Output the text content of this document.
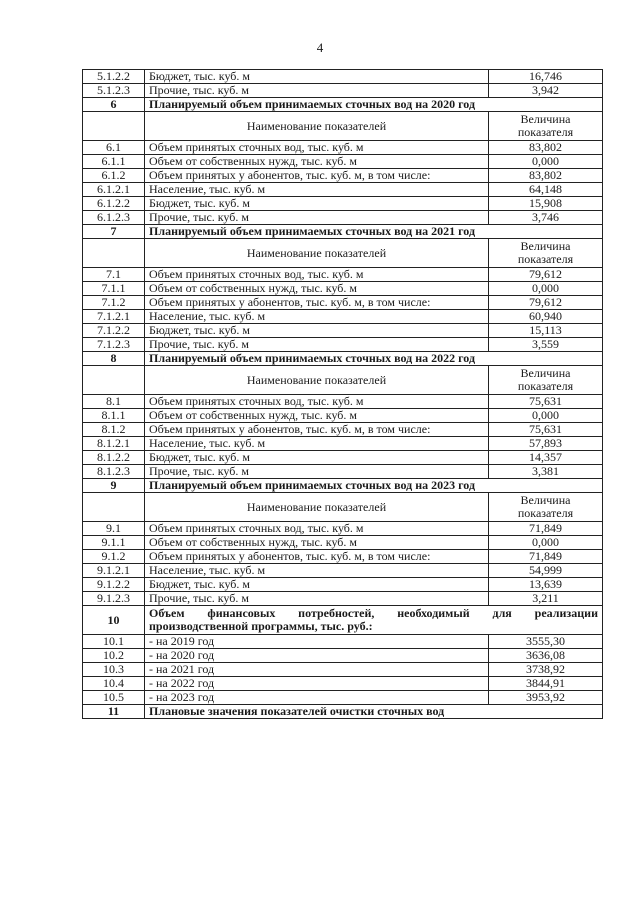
4
5.1.2.2	Бюджет, тыс. куб. м	16,746
5.1.2.3	Прочие, тыс. куб. м	3,942
6	Планируемый объем принимаемых сточных вод на 2020 год	
	Наименование показателей	Величина показателя
6.1	Объем принятых сточных вод, тыс. куб. м	83,802
6.1.1	Объем от собственных нужд, тыс. куб. м	0,000
6.1.2	Объем принятых у абонентов, тыс. куб. м, в том числе:	83,802
6.1.2.1	Население, тыс. куб. м	64,148
6.1.2.2	Бюджет, тыс. куб. м	15,908
6.1.2.3	Прочие, тыс. куб. м	3,746
7	Планируемый объем принимаемых сточных вод на 2021 год	
	Наименование показателей	Величина показателя
7.1	Объем принятых сточных вод, тыс. куб. м	79,612
7.1.1	Объем от собственных нужд, тыс. куб. м	0,000
7.1.2	Объем принятых у абонентов, тыс. куб. м, в том числе:	79,612
7.1.2.1	Население, тыс. куб. м	60,940
7.1.2.2	Бюджет, тыс. куб. м	15,113
7.1.2.3	Прочие, тыс. куб. м	3,559
8	Планируемый объем принимаемых сточных вод на 2022 год	
	Наименование показателей	Величина показателя
8.1	Объем принятых сточных вод, тыс. куб. м	75,631
8.1.1	Объем от собственных нужд, тыс. куб. м	0,000
8.1.2	Объем принятых у абонентов, тыс. куб. м, в том числе:	75,631
8.1.2.1	Население, тыс. куб. м	57,893
8.1.2.2	Бюджет, тыс. куб. м	14,357
8.1.2.3	Прочие, тыс. куб. м	3,381
9	Планируемый объем принимаемых сточных вод на 2023 год	
	Наименование показателей	Величина показателя
9.1	Объем принятых сточных вод, тыс. куб. м	71,849
9.1.1	Объем от собственных нужд, тыс. куб. м	0,000
9.1.2	Объем принятых у абонентов, тыс. куб. м, в том числе:	71,849
9.1.2.1	Население, тыс. куб. м	54,999
9.1.2.2	Бюджет, тыс. куб. м	13,639
9.1.2.3	Прочие, тыс. куб. м	3,211
10	Объем финансовых потребностей, необходимый для реализации производственной программы, тыс. руб.:	
10.1	- на 2019 год	3555,30
10.2	- на 2020 год	3636,08
10.3	- на 2021 год	3738,92
10.4	- на 2022 год	3844,91
10.5	- на 2023 год	3953,92
11	Плановые значения показателей очистки сточных вод	
